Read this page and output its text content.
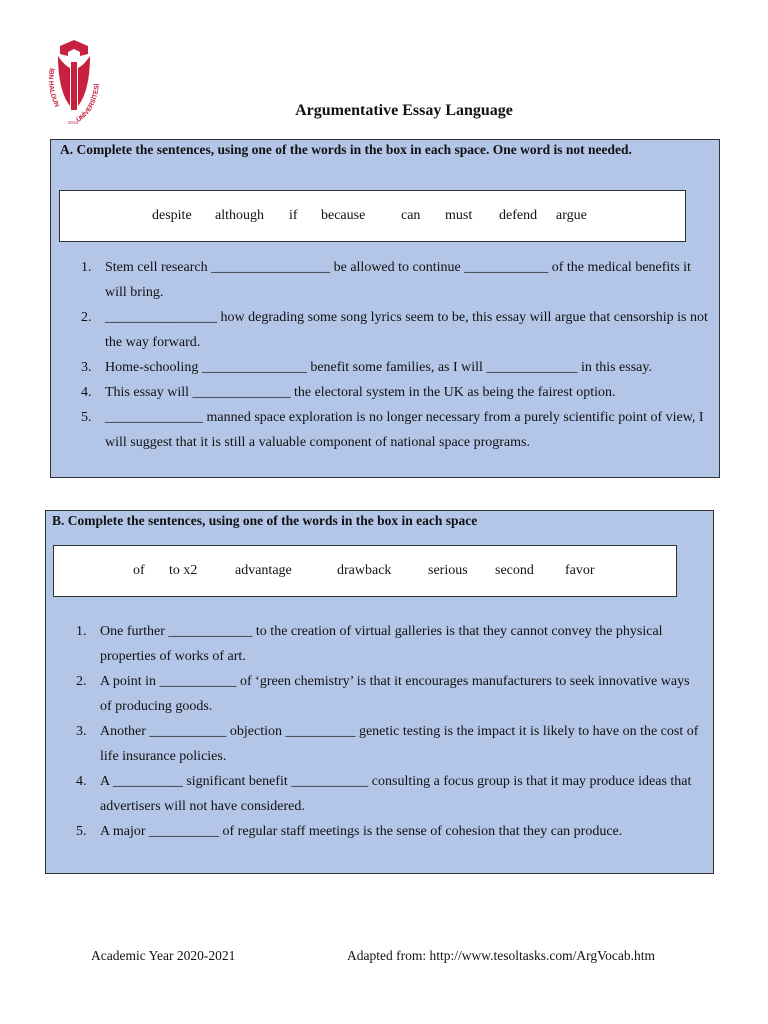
İBN HALDUN
2015
ÜNİVERSİTESİ
Argumentative Essay Language
A. Complete the sentences, using one of the words in the box in each space. One word is not needed.
despite although if because	can must defend argue
1. Stem cell research _________________ be allowed to continue ____________ of the medical benefits it will bring.
2. ________________ how degrading some song lyrics seem to be, this essay will argue that censorship is not the way forward.
3. Home-schooling _______________ benefit some families, as I will _____________ in this essay.
4. This essay will ______________ the electoral system in the UK as being the fairest option.
5. ______________ manned space exploration is no longer necessary from a purely scientific point of view, I will suggest that it is still a valuable component of national space programs.
B. Complete the sentences, using one of the words in the box in each space
of to x2	advantage	drawback	serious second favor
1. One further ____________ to the creation of virtual galleries is that they cannot convey the physical properties of works of art.
2. A point in ___________ of ‘green chemistry’ is that it encourages manufacturers to seek innovative ways of producing goods.
3. Another ___________ objection __________ genetic testing is the impact it is likely to have on the cost of life insurance policies.
4. A __________ significant benefit ___________ consulting a focus group is that it may produce ideas that advertisers will not have considered.
5. A major __________ of regular staff meetings is the sense of cohesion that they can produce.
Academic Year 2020-2021	Adapted from: http://www.tesoltasks.com/ArgVocab.htm
